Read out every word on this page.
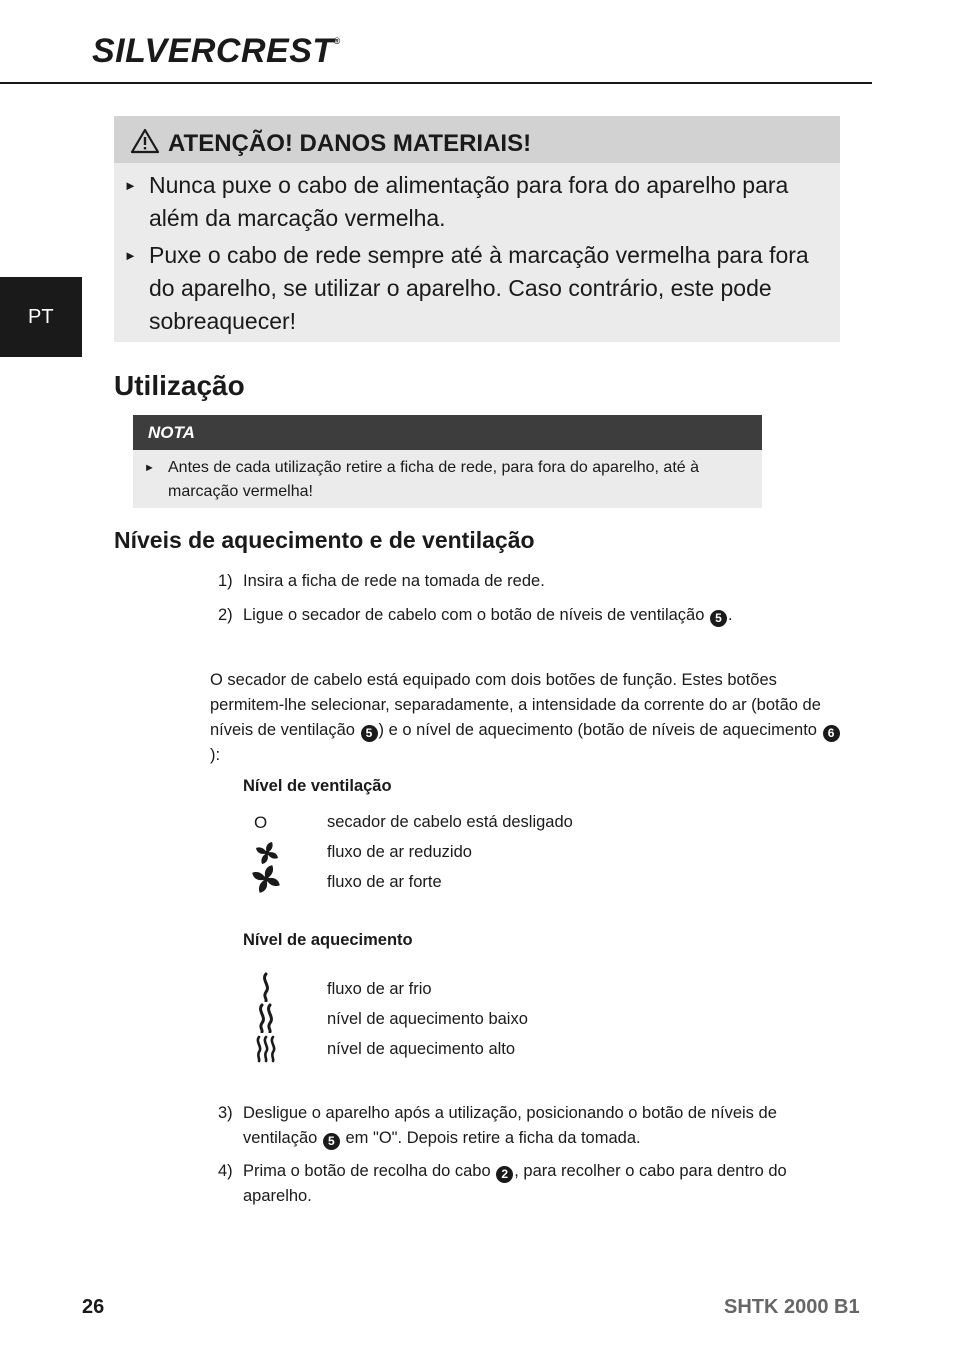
SILVERCREST®
PT
ATENÇÃO! DANOS MATERIAIS!
► Nunca puxe o cabo de alimentação para fora do aparelho para além da marcação vermelha.
► Puxe o cabo de rede sempre até à marcação vermelha para fora do aparelho, se utilizar o aparelho. Caso contrário, este pode sobreaquecer!
Utilização
NOTA
► Antes de cada utilização retire a ficha de rede, para fora do aparelho, até à marcação vermelha!
Níveis de aquecimento e de ventilação
1) Insira a ficha de rede na tomada de rede.
2) Ligue o secador de cabelo com o botão de níveis de ventilação 5 .
O secador de cabelo está equipado com dois botões de função. Estes botões permitem-lhe selecionar, separadamente, a intensidade da corrente do ar (botão de níveis de ventilação 5 ) e o nível de aquecimento (botão de níveis de aquecimento 6):
Nível de ventilação
O	secador de cabelo está desligado
fluxo de ar reduzido
fluxo de ar forte
Nível de aquecimento
fluxo de ar frio
nível de aquecimento baixo
nível de aquecimento alto
3) Desligue o aparelho após a utilização, posicionando o botão de níveis de ventilação 5 em "O". Depois retire a ficha da tomada.
4) Prima o botão de recolha do cabo 2 , para recolher o cabo para dentro do aparelho.
26	SHTK 2000 B1
